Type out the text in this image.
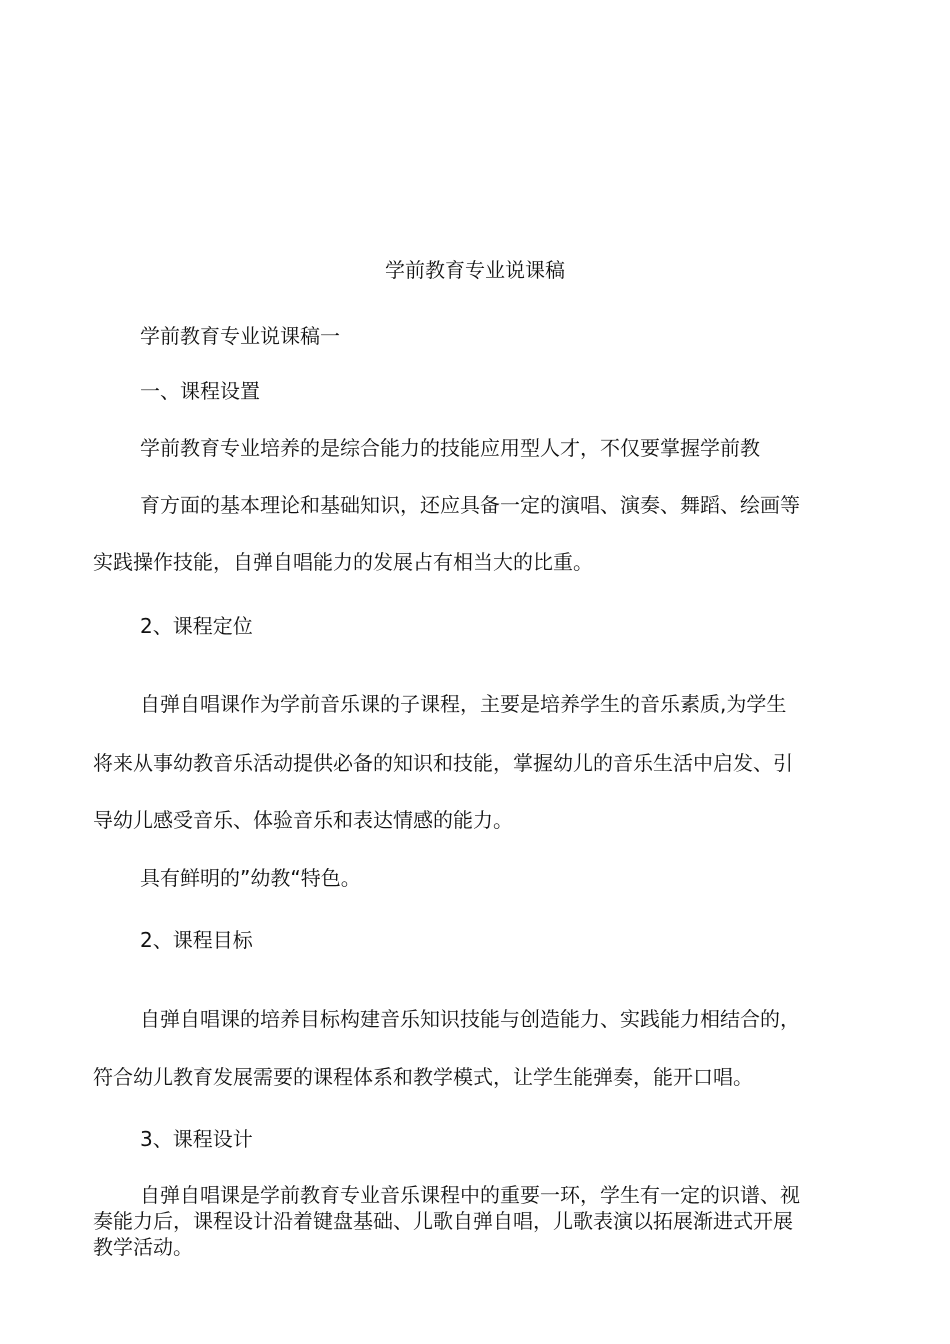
学前教育专业说课稿
学前教育专业说课稿一
一、课程设置
学前教育专业培养的是综合能力的技能应用型人才，不仅要掌握学前教
育方面的基本理论和基础知识，还应具备一定的演唱、演奏、舞蹈、绘画等
实践操作技能，自弹自唱能力的发展占有相当大的比重。
2、课程定位
自弹自唱课作为学前音乐课的子课程，主要是培养学生的音乐素质,为学生
将来从事幼教音乐活动提供必备的知识和技能，掌握幼儿的音乐生活中启发、引
导幼儿感受音乐、体验音乐和表达情感的能力。
具有鲜明的”幼教“特色。
2、课程目标
自弹自唱课的培养目标构建音乐知识技能与创造能力、实践能力相结合的，
符合幼儿教育发展需要的课程体系和教学模式，让学生能弹奏，能开口唱。
3、课程设计
自弹自唱课是学前教育专业音乐课程中的重要一环，学生有一定的识谱、视
奏能力后，课程设计沿着键盘基础、儿歌自弹自唱，儿歌表演以拓展渐进式开展
教学活动。
